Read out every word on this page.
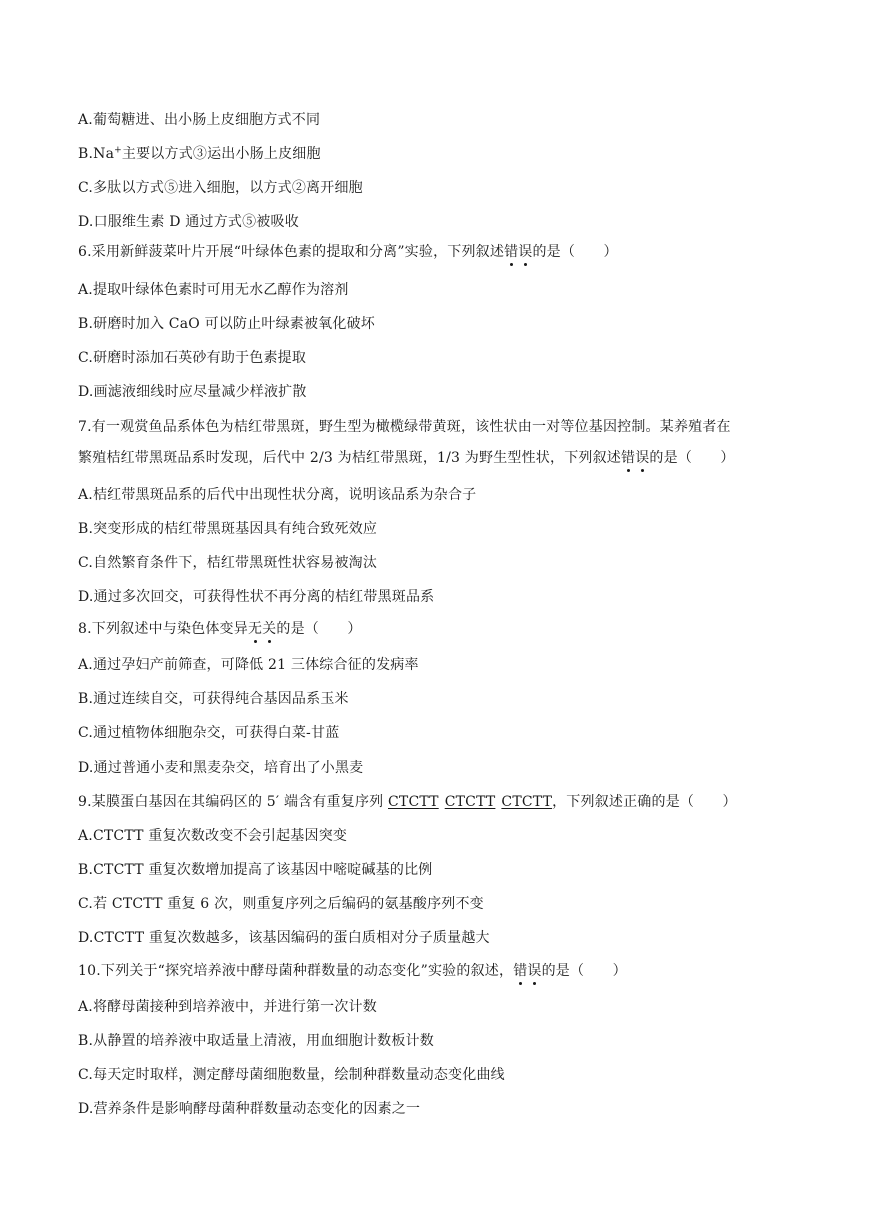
A.葡萄糖进、出小肠上皮细胞方式不同
B.Na+主要以方式③运出小肠上皮细胞
C.多肽以方式⑤进入细胞，以方式②离开细胞
D.口服维生素 D 通过方式⑤被吸收
6.采用新鲜菠菜叶片开展“叶绿体色素的提取和分离”实验，下列叙述错误的是（　　）
A.提取叶绿体色素时可用无水乙醇作为溶剂
B.研磨时加入 CaO 可以防止叶绿素被氧化破坏
C.研磨时添加石英砂有助于色素提取
D.画滤液细线时应尽量减少样液扩散
7.有一观赏鱼品系体色为桔红带黑斑，野生型为橄榄绿带黄斑，该性状由一对等位基因控制。某养殖者在
繁殖桔红带黑斑品系时发现，后代中 2/3 为桔红带黑斑，1/3 为野生型性状，下列叙述错误的是（　　）
A.桔红带黑斑品系的后代中出现性状分离，说明该品系为杂合子
B.突变形成的桔红带黑斑基因具有纯合致死效应
C.自然繁育条件下，桔红带黑斑性状容易被淘汰
D.通过多次回交，可获得性状不再分离的桔红带黑斑品系
8.下列叙述中与染色体变异无关的是（　　）
A.通过孕妇产前筛查，可降低 21 三体综合征的发病率
B.通过连续自交，可获得纯合基因品系玉米
C.通过植物体细胞杂交，可获得白菜-甘蓝
D.通过普通小麦和黑麦杂交，培育出了小黑麦
9.某膜蛋白基因在其编码区的 5′ 端含有重复序列 CTCTT CTCTT CTCTT，下列叙述正确的是（　　）
A.CTCTT 重复次数改变不会引起基因突变
B.CTCTT 重复次数增加提高了该基因中嘧啶碱基的比例
C.若 CTCTT 重复 6 次，则重复序列之后编码的氨基酸序列不变
D.CTCTT 重复次数越多，该基因编码的蛋白质相对分子质量越大
10.下列关于“探究培养液中酵母菌种群数量的动态变化”实验的叙述，错误的是（　　）
A.将酵母菌接种到培养液中，并进行第一次计数
B.从静置的培养液中取适量上清液，用血细胞计数板计数
C.每天定时取样，测定酵母菌细胞数量，绘制种群数量动态变化曲线
D.营养条件是影响酵母菌种群数量动态变化的因素之一
